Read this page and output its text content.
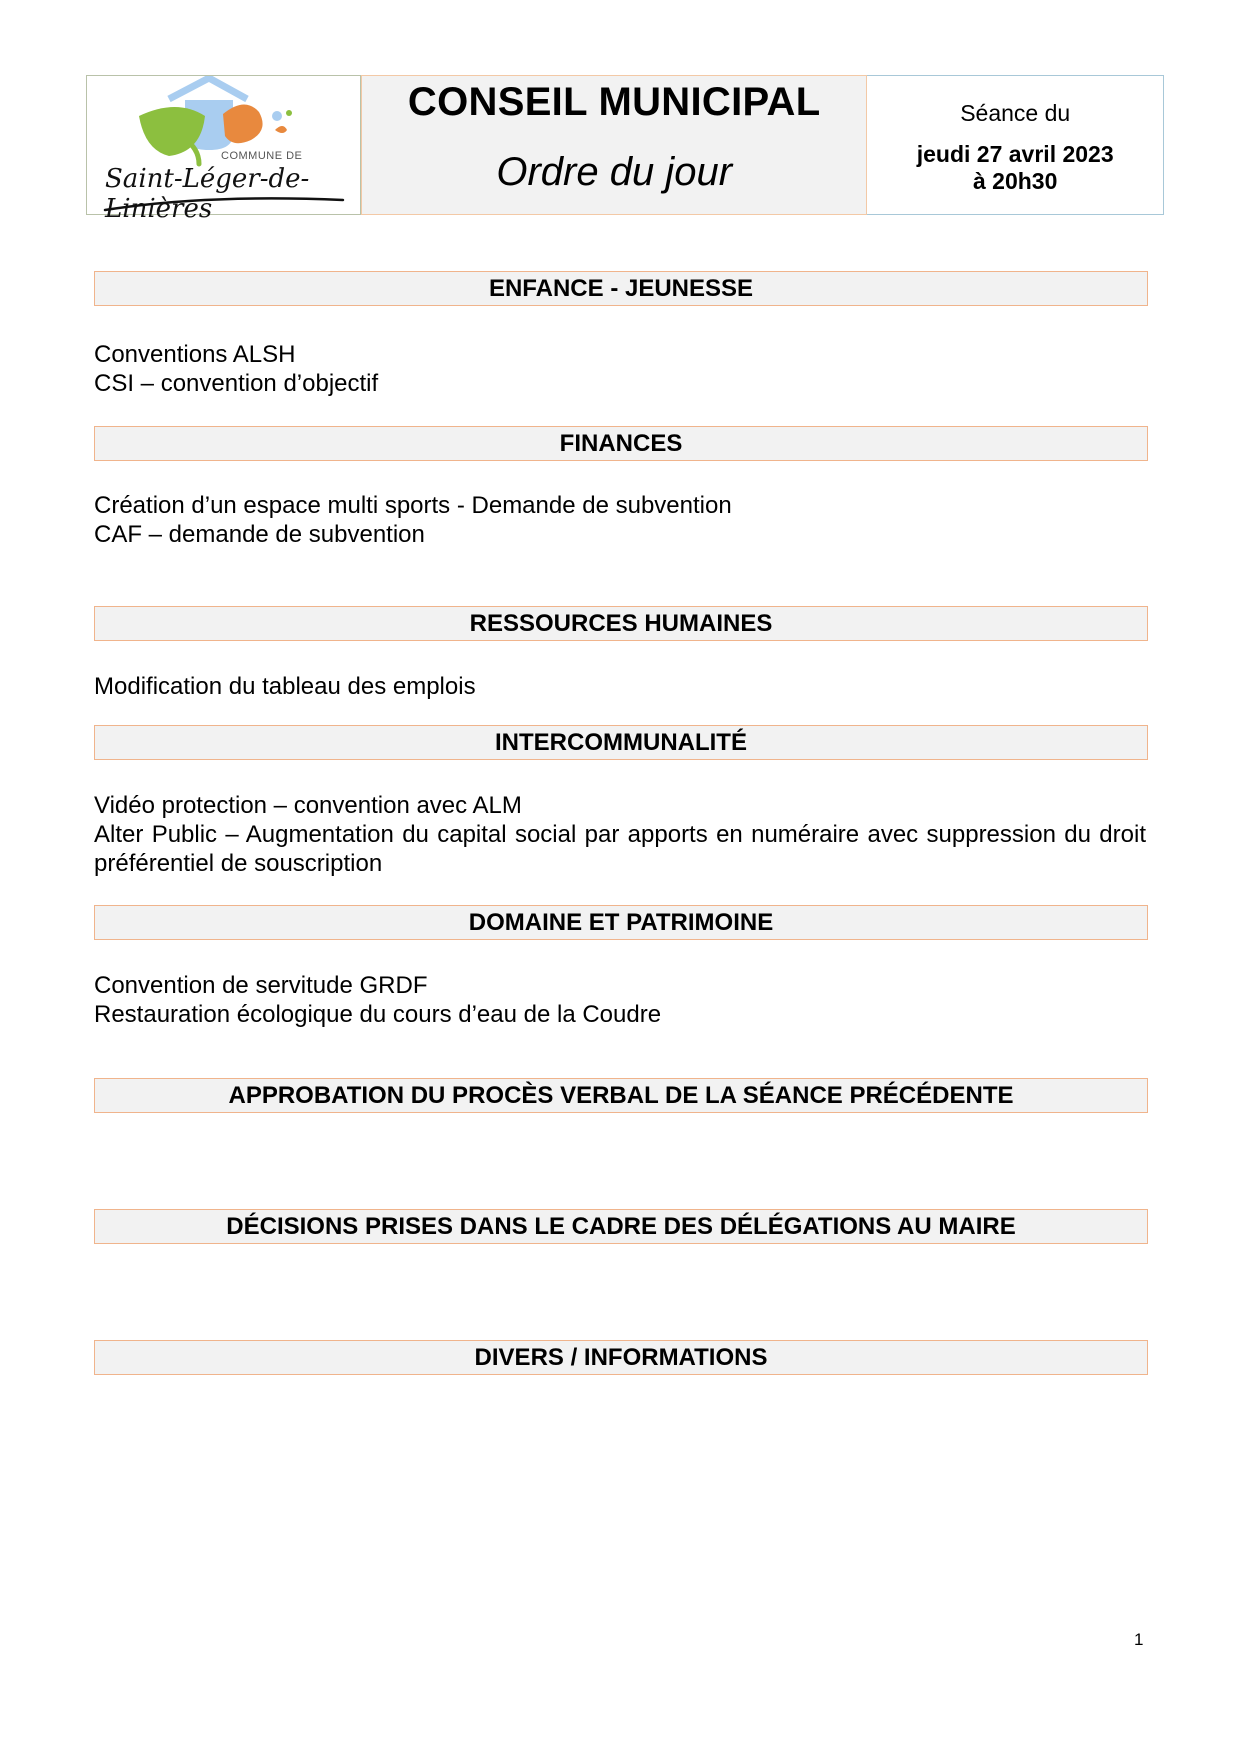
COMMUNE DE
Saint-Léger-de-Linières
CONSEIL MUNICIPAL
Ordre du jour
Séance du
jeudi 27 avril 2023
à 20h30
ENFANCE - JEUNESSE
Conventions ALSH
CSI – convention d’objectif
FINANCES
Création d’un espace multi sports - Demande de subvention
CAF – demande de subvention
RESSOURCES HUMAINES
Modification du tableau des emplois
INTERCOMMUNALITÉ
Vidéo protection – convention avec ALM
Alter Public – Augmentation du capital social par apports en numéraire avec suppression du droit préférentiel de souscription
DOMAINE ET PATRIMOINE
Convention de servitude GRDF
Restauration écologique du cours d’eau de la Coudre
APPROBATION DU PROCÈS VERBAL DE LA SÉANCE PRÉCÉDENTE
DÉCISIONS PRISES DANS LE CADRE DES DÉLÉGATIONS AU MAIRE
DIVERS / INFORMATIONS
1
